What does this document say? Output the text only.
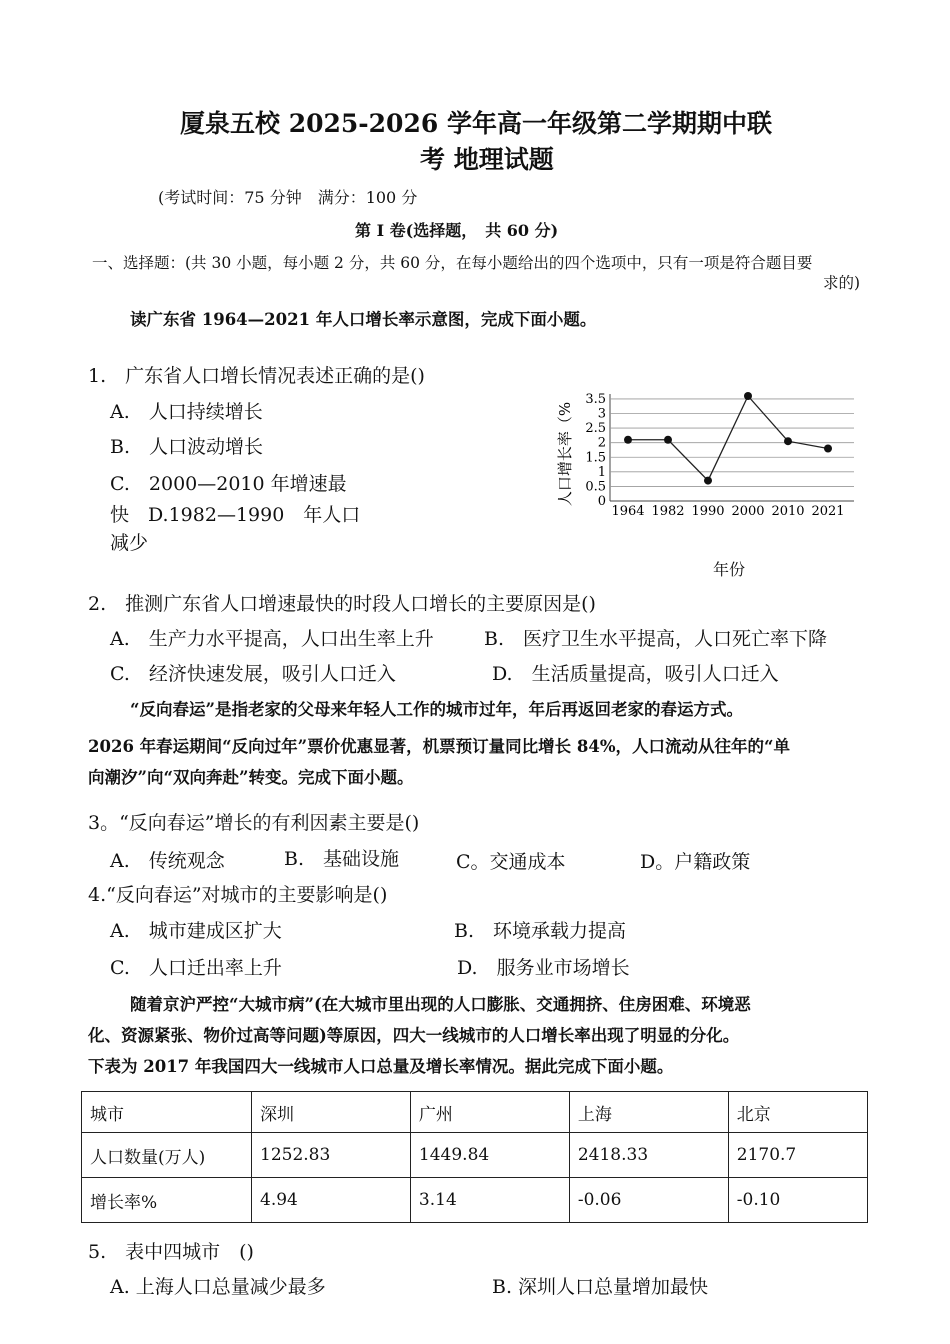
厦泉五校 2025-2026 学年高一年级第二学期期中联
考 地理试题
(考试时间：75 分钟　满分：100 分
第 I 卷(选择题，　共 60 分)
一、选择题：(共 30 小题，每小题 2 分，共 60 分，在每小题给出的四个选项中，只有一项是符合题目要
求的)
读广东省 1964—2021 年人口增长率示意图，完成下面小题。
1.　广东省人口增长情况表述正确的是()
A.　人口持续增长
B.　人口波动增长
C.　2000—2010 年增速最
快　D.1982—1990　年人口
减少
人口增长率（% 0
0.5
1
1.5
2
2.5
3
3.5
1964 1982 1990 2000 2010 2021
年份
2.　推测广东省人口增速最快的时段人口增长的主要原因是()
A.　生产力水平提高，人口出生率上升	B.　医疗卫生水平提高，人口死亡率下降
C.　经济快速发展，吸引人口迁入	D.　生活质量提高，吸引人口迁入
“反向春运”是指老家的父母来年轻人工作的城市过年，年后再返回老家的春运方式。
2026 年春运期间“反向过年”票价优惠显著，机票预订量同比增长 84%，人口流动从往年的“单
向潮汐”向“双向奔赴”转变。完成下面小题。
3。“反向春运”增长的有利因素主要是()
A.　传统观念	B.　基础设施	C。交通成本	D。户籍政策
4.“反向春运”对城市的主要影响是()
A.　城市建成区扩大	B.　环境承载力提高
C.　人口迁出率上升	D.　服务业市场增长
随着京沪严控“大城市病”(在大城市里出现的人口膨胀、交通拥挤、住房困难、环境恶
化、资源紧张、物价过高等问题)等原因，四大一线城市的人口增长率出现了明显的分化。
下表为 2017 年我国四大一线城市人口总量及增长率情况。据此完成下面小题。
城市	深圳	广州	上海	北京
人口数量(万人)	1252.83	1449.84	2418.33	2170.7
增长率%	4.94	3.14	-0.06	-0.10
5.　表中四城市　()
A. 上海人口总量减少最多	B. 深圳人口总量增加最快
